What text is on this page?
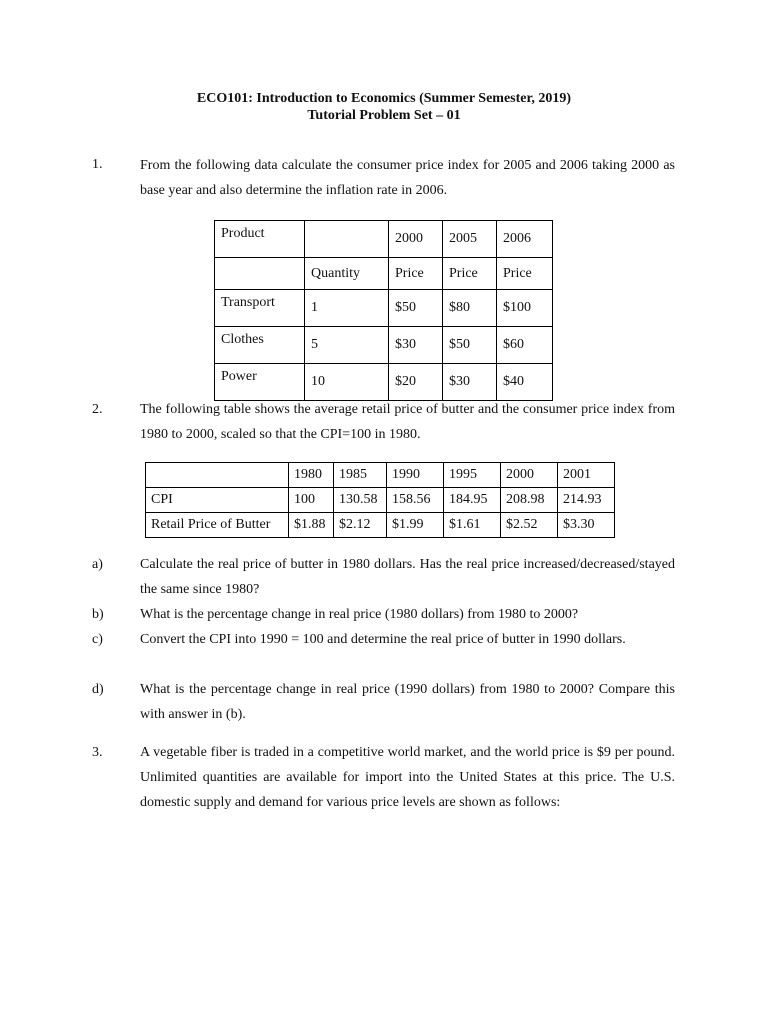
ECO101: Introduction to Economics (Summer Semester, 2019)
Tutorial Problem Set – 01
1.	From the following data calculate the consumer price index for 2005 and 2006 taking 2000 as base year and also determine the inflation rate in 2006.
Product		2000	2005	2006
	Quantity	Price	Price	Price
Transport	1	$50	$80	$100
Clothes	5	$30	$50	$60
Power	10	$20	$30	$40
2.	The following table shows the average retail price of butter and the consumer price index from 1980 to 2000, scaled so that the CPI=100 in 1980.
	1980	1985	1990	1995	2000	2001
CPI	100	130.58	158.56	184.95	208.98	214.93
Retail Price of Butter	$1.88	$2.12	$1.99	$1.61	$2.52	$3.30
a)	Calculate the real price of butter in 1980 dollars. Has the real price increased/decreased/stayed the same since 1980?
b)	What is the percentage change in real price (1980 dollars) from 1980 to 2000?
c)	Convert the CPI into 1990 = 100 and determine the real price of butter in 1990 dollars.
d)	What is the percentage change in real price (1990 dollars) from 1980 to 2000? Compare this with answer in (b).
3.	A vegetable fiber is traded in a competitive world market, and the world price is $9 per pound. Unlimited quantities are available for import into the United States at this price. The U.S. domestic supply and demand for various price levels are shown as follows:
